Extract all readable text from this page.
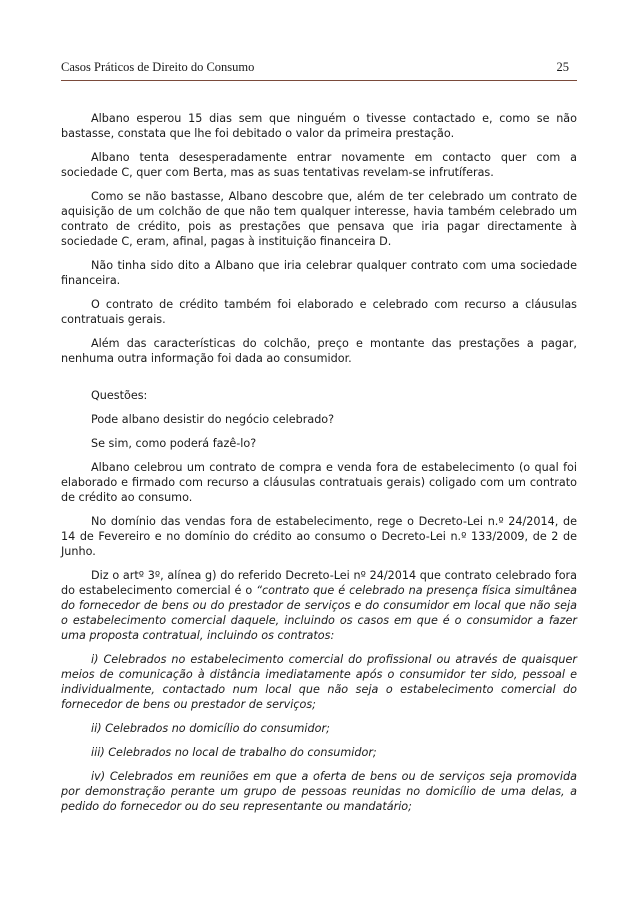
Casos Práticos de Direito do Consumo	25

Albano esperou 15 dias sem que ninguém o tivesse contactado e, como se não bastasse, constata que lhe foi debitado o valor da primeira prestação.

Albano tenta desesperadamente entrar novamente em contacto quer com a sociedade C, quer com Berta, mas as suas tentativas revelam-se infrutíferas.

Como se não bastasse, Albano descobre que, além de ter celebrado um contrato de aquisição de um colchão de que não tem qualquer interesse, havia também celebrado um contrato de crédito, pois as prestações que pensava que iria pagar directamente à sociedade C, eram, afinal, pagas à instituição financeira D.

Não tinha sido dito a Albano que iria celebrar qualquer contrato com uma sociedade financeira.

O contrato de crédito também foi elaborado e celebrado com recurso a cláusulas contratuais gerais.

Além das características do colchão, preço e montante das prestações a pagar, nenhuma outra informação foi dada ao consumidor.

Questões:

Pode albano desistir do negócio celebrado?

Se sim, como poderá fazê-lo?

Albano celebrou um contrato de compra e venda fora de estabelecimento (o qual foi elaborado e firmado com recurso a cláusulas contratuais gerais) coligado com um contrato de crédito ao consumo.

No domínio das vendas fora de estabelecimento, rege o Decreto-Lei n.º 24/2014, de 14 de Fevereiro e no domínio do crédito ao consumo o Decreto-Lei n.º 133/2009, de 2 de Junho.

Diz o artº 3º, alínea g) do referido Decreto-Lei nº 24/2014 que contrato celebrado fora do estabelecimento comercial é o “contrato que é celebrado na presença física simultânea do fornecedor de bens ou do prestador de serviços e do consumidor em local que não seja o estabelecimento comercial daquele, incluindo os casos em que é o consumidor a fazer uma proposta contratual, incluindo os contratos:

i) Celebrados no estabelecimento comercial do profissional ou através de quaisquer meios de comunicação à distância imediatamente após o consumidor ter sido, pessoal e individualmente, contactado num local que não seja o estabelecimento comercial do fornecedor de bens ou prestador de serviços;

ii) Celebrados no domicílio do consumidor;

iii) Celebrados no local de trabalho do consumidor;

iv) Celebrados em reuniões em que a oferta de bens ou de serviços seja promovida por demonstração perante um grupo de pessoas reunidas no domicílio de uma delas, a pedido do fornecedor ou do seu representante ou mandatário;
